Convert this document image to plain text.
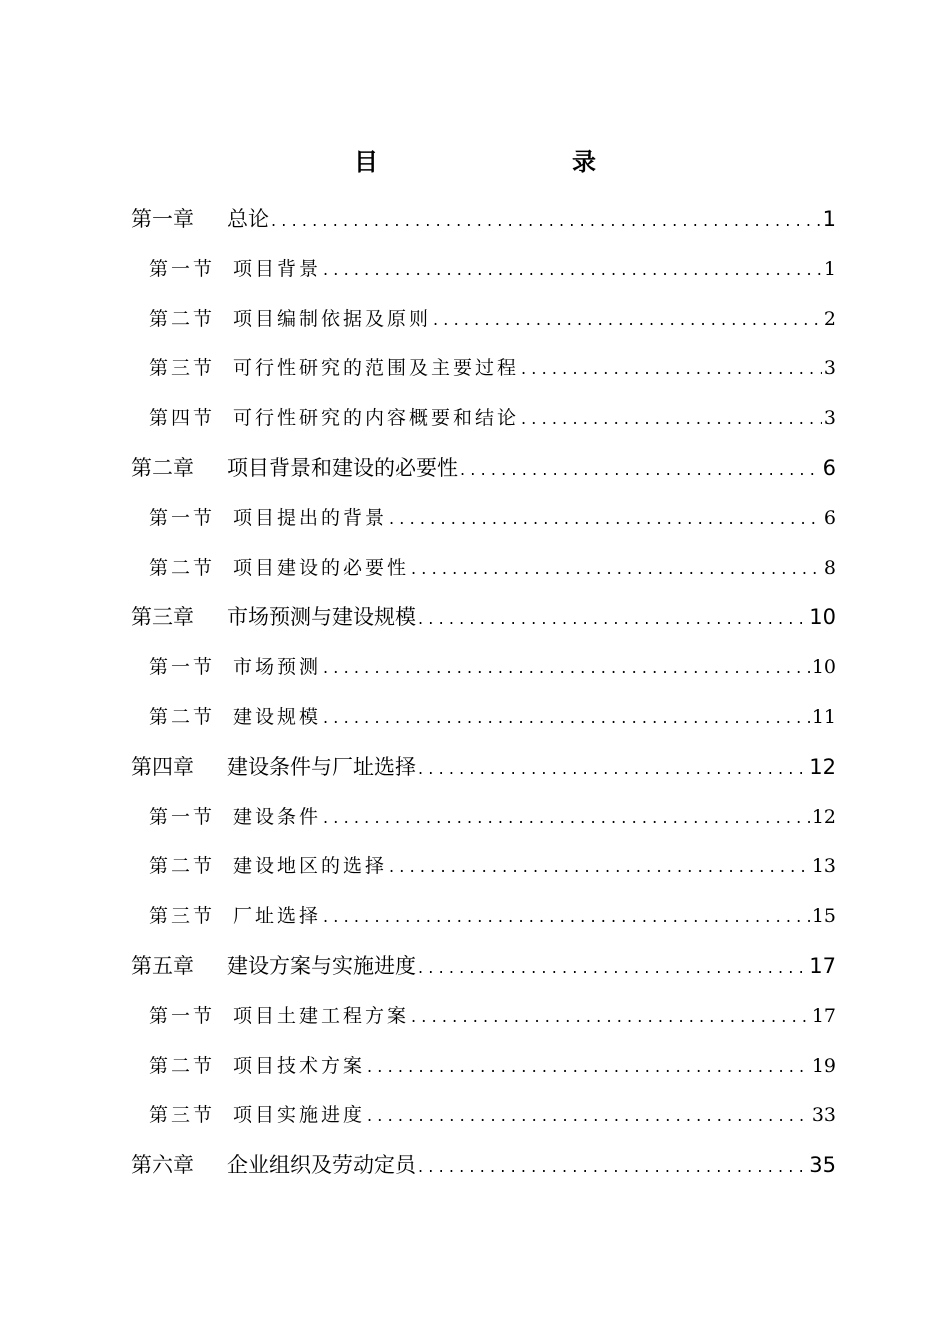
目	录
第一章	总论 .....	1
第一节 项目背景 .....	1
第二节 项目编制依据及原则 .....	2
第三节 可行性研究的范围及主要过程 .....	3
第四节 可行性研究的内容概要和结论 .....	3
第二章	项目背景和建设的必要性 .....	6
第一节 项目提出的背景 .....	6
第二节 项目建设的必要性 .....	8
第三章	市场预测与建设规模 .....	10
第一节 市场预测 .....	10
第二节 建设规模 .....	11
第四章	建设条件与厂址选择 .....	12
第一节 建设条件 .....	12
第二节 建设地区的选择 .....	13
第三节 厂址选择 .....	15
第五章	建设方案与实施进度 .....	17
第一节 项目土建工程方案 .....	17
第二节 项目技术方案 .....	19
第三节 项目实施进度 .....	33
第六章	企业组织及劳动定员 .....	35
